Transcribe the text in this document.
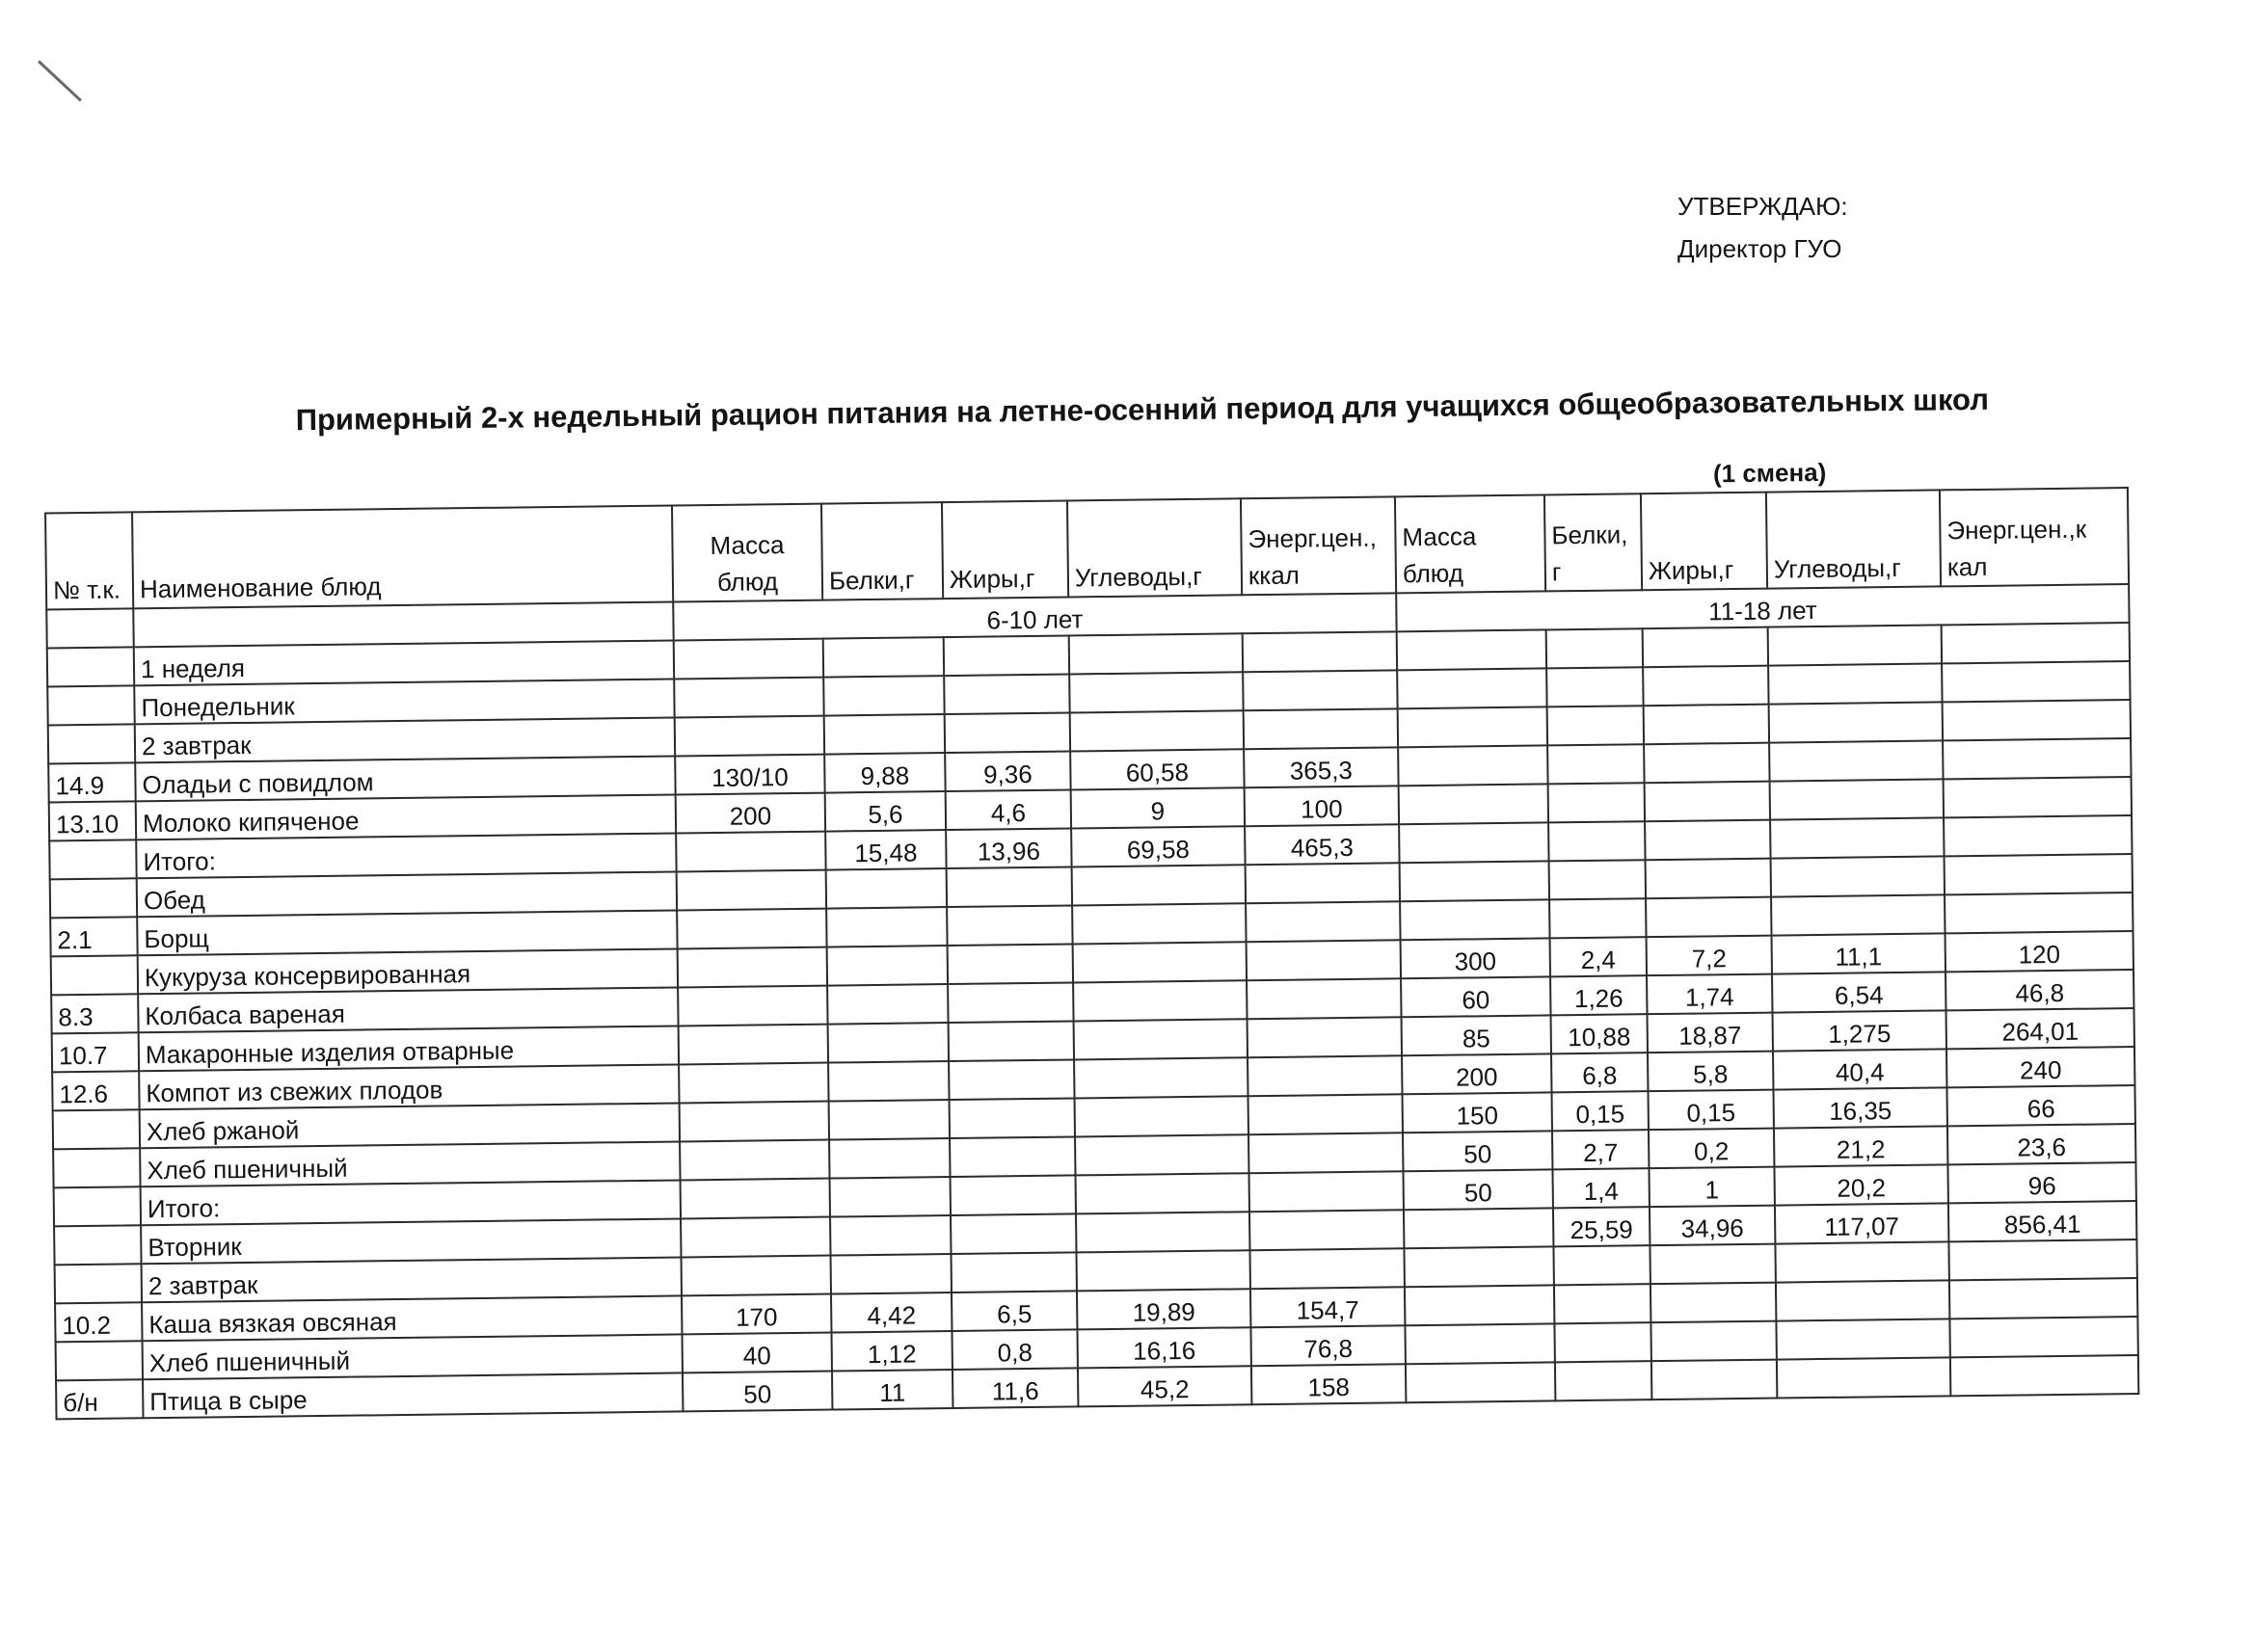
УТВЕРЖДАЮ:
Директор ГУО
Примерный 2-х недельный рацион питания на летне-осенний период для учащихся общеобразовательных школ

(1 смена)

№ т.к.	Наименование блюд	Масса блюд	Белки,г	Жиры,г	Углеводы,г	Энерг.цен., ккал	Масса блюд	Белки, г	Жиры,г	Углеводы,г	Энерг.цен.,к кал
		6-10 лет					11-18 лет				
	1 неделя										
	Понедельник										
	2 завтрак										
14.9	Оладьи с повидлом	130/10	9,88	9,36	60,58	365,3					
13.10	Молоко кипяченое	200	5,6	4,6	9	100					
	Итого:		15,48	13,96	69,58	465,3					
	Обед										
2.1	Борщ										
	Кукуруза консервированная						300	2,4	7,2	11,1	120
8.3	Колбаса вареная						60	1,26	1,74	6,54	46,8
10.7	Макаронные изделия отварные						85	10,88	18,87	1,275	264,01
12.6	Компот из свежих плодов						200	6,8	5,8	40,4	240
	Хлеб ржаной						150	0,15	0,15	16,35	66
	Хлеб пшеничный						50	2,7	0,2	21,2	23,6
	Итого:						50	1,4	1	20,2	96
	Вторник							25,59	34,96	117,07	856,41
	2 завтрак										
10.2	Каша вязкая овсяная	170	4,42	6,5	19,89	154,7					
	Хлеб пшеничный	40	1,12	0,8	16,16	76,8					
б/н	Птица в сыре	50	11	11,6	45,2	158					
